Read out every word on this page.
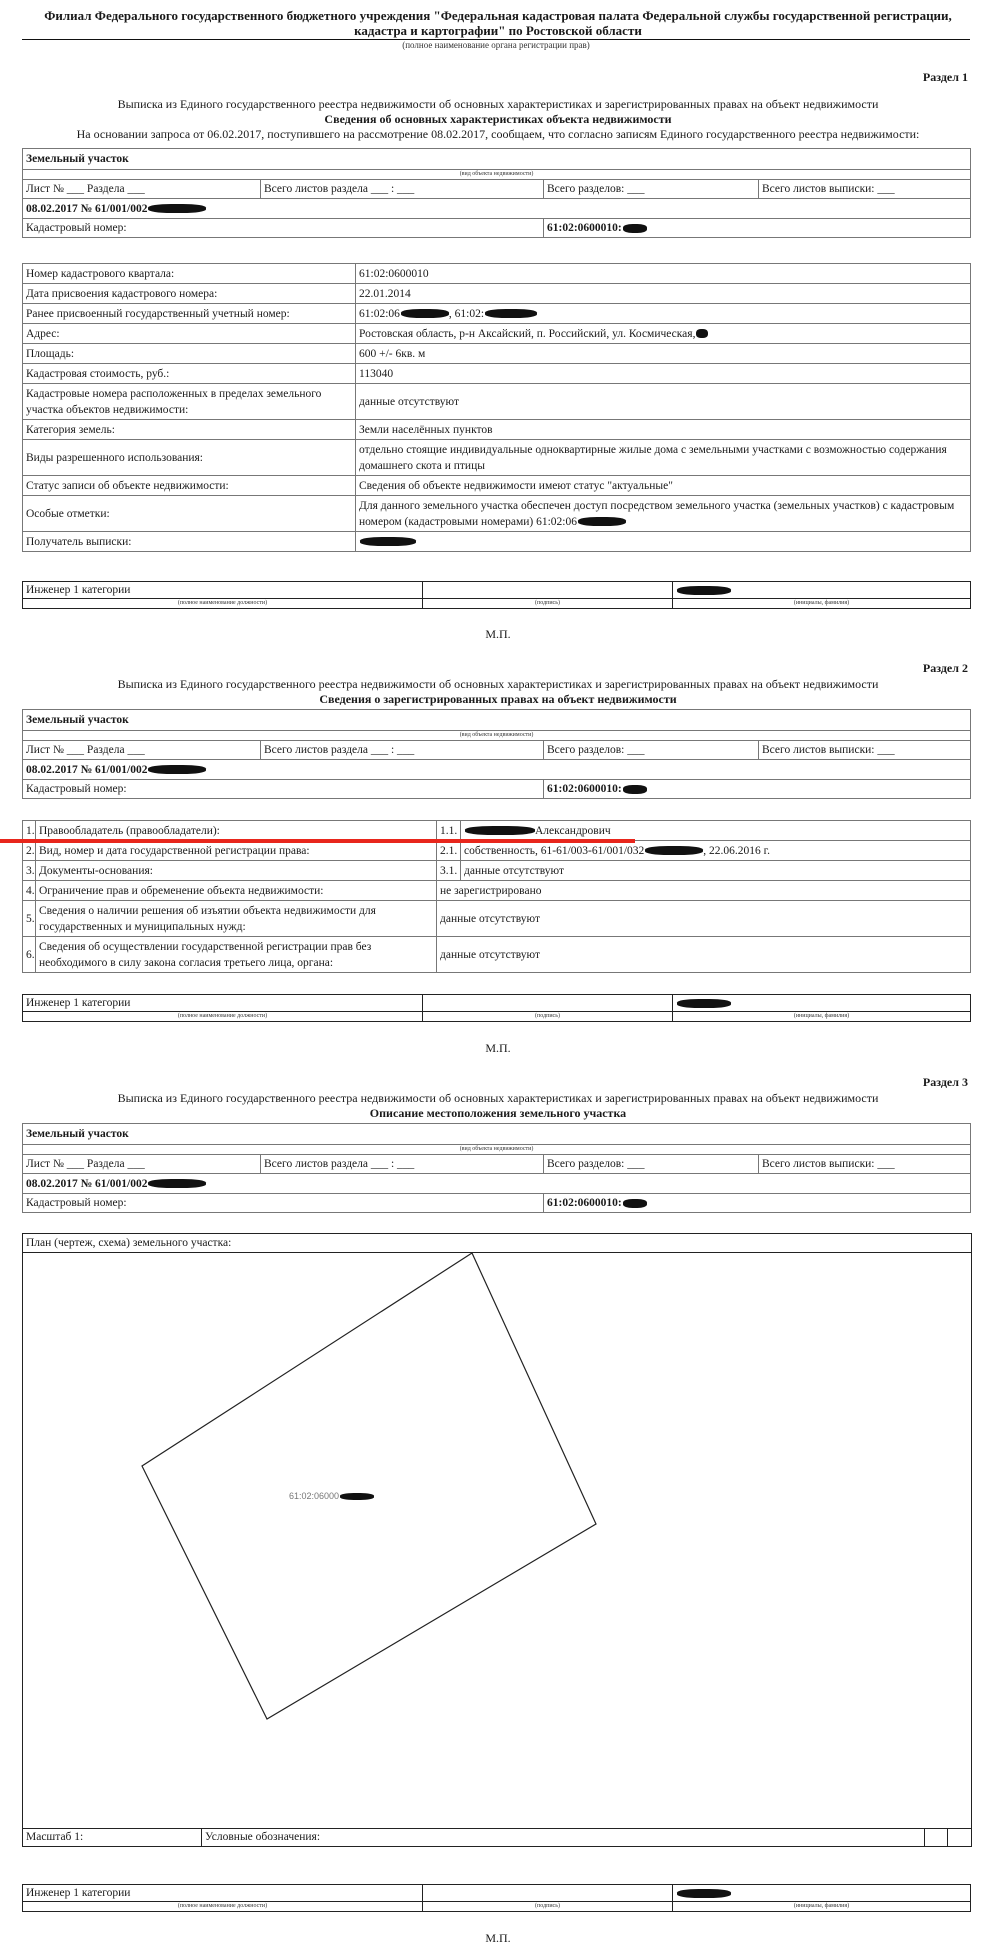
Филиал Федерального государственного бюджетного учреждения "Федеральная кадастровая палата Федеральной службы государственной регистрации, кадастра и картографии" по Ростовской области
(полное наименование органа регистрации прав)
Раздел 1
Выписка из Единого государственного реестра недвижимости об основных характеристиках и зарегистрированных правах на объект недвижимости
Сведения об основных характеристиках объекта недвижимости
На основании запроса от 06.02.2017, поступившего на рассмотрение 08.02.2017, сообщаем, что согласно записям Единого государственного реестра недвижимости:
Земельный участок			
(вид объекта недвижимости)			
Лист № ___ Раздела ___	Всего листов раздела ___ : ___	Всего разделов: ___	Всего листов выписки: ___
08.02.2017 № 61/001/002			
Кадастровый номер:		61:02:0600010:	
Номер кадастрового квартала:	61:02:0600010
Дата присвоения кадастрового номера:	22.01.2014
Ранее присвоенный государственный учетный номер:	61:02:06 , 61:02:
Адрес:	Ростовская область, р-н Аксайский, п. Российский, ул. Космическая,
Площадь:	600 +/- 6кв. м
Кадастровая стоимость, руб.:	113040
Кадастровые номера расположенных в пределах земельного участка объектов недвижимости:	данные отсутствуют
Категория земель:	Земли населённых пунктов
Виды разрешенного использования:	отдельно стоящие индивидуальные одноквартирные жилые дома с земельными участками с возможностью содержания домашнего скота и птицы
Статус записи об объекте недвижимости:	Сведения об объекте недвижимости имеют статус "актуальные"
Особые отметки:	Для данного земельного участка обеспечен доступ посредством земельного участка (земельных участков) с кадастровым номером (кадастровыми номерами) 61:02:06
Получатель выписки:	
Инженер 1 категории		
(полное наименование должности)	(подпись)	(инициалы, фамилия)
М.П.
Раздел 2
Выписка из Единого государственного реестра недвижимости об основных характеристиках и зарегистрированных правах на объект недвижимости
Сведения о зарегистрированных правах на объект недвижимости
Земельный участок			
(вид объекта недвижимости)			
Лист № ___ Раздела ___	Всего листов раздела ___ : ___	Всего разделов: ___	Всего листов выписки: ___
08.02.2017 № 61/001/002			
Кадастровый номер:		61:02:0600010:	
1.	Правообладатель (правообладатели):	1.1.	Александрович
2.	Вид, номер и дата государственной регистрации права:	2.1.	собственность, 61-61/003-61/001/032 , 22.06.2016 г.
3.	Документы-основания:	3.1.	данные отсутствуют
4.	Ограничение прав и обременение объекта недвижимости:	не зарегистрировано	
5.	Сведения о наличии решения об изъятии объекта недвижимости для государственных и муниципальных нужд:	данные отсутствуют	
6.	Сведения об осуществлении государственной регистрации прав без необходимого в силу закона согласия третьего лица, органа:	данные отсутствуют	
Инженер 1 категории		
(полное наименование должности)	(подпись)	(инициалы, фамилия)
М.П.
Раздел 3
Выписка из Единого государственного реестра недвижимости об основных характеристиках и зарегистрированных правах на объект недвижимости
Описание местоположения земельного участка
Земельный участок			
(вид объекта недвижимости)			
Лист № ___ Раздела ___	Всего листов раздела ___ : ___	Всего разделов: ___	Всего листов выписки: ___
08.02.2017 № 61/001/002			
Кадастровый номер:		61:02:0600010:	
План (чертеж, схема) земельного участка:
61:02:06000
Масштаб 1:	Условные обозначения:
Инженер 1 категории		
(полное наименование должности)	(подпись)	(инициалы, фамилия)
М.П.
